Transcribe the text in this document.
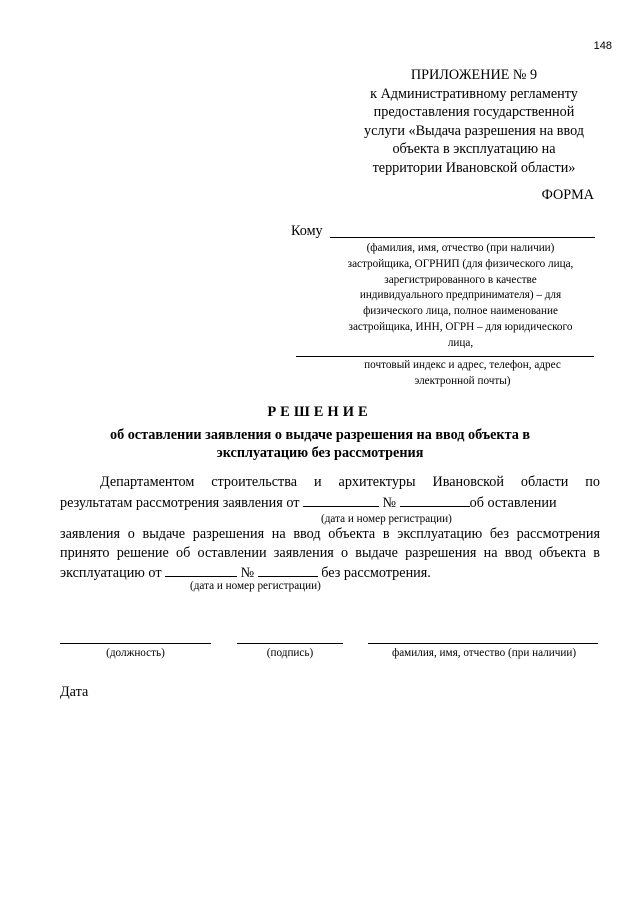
148
ПРИЛОЖЕНИЕ № 9
к Административному регламенту
предоставления государственной
услуги «Выдача разрешения на ввод
объекта в эксплуатацию на
территории Ивановской области»
ФОРМА
Кому
(фамилия, имя, отчество (при наличии)
застройщика, ОГРНИП (для физического лица,
зарегистрированного в качестве
индивидуального предпринимателя) – для
физического лица, полное наименование
застройщика, ИНН, ОГРН – для юридического
лица,
почтовый индекс и адрес, телефон, адрес
электронной почты)
РЕШЕНИЕ
об оставлении заявления о выдаче разрешения на ввод объекта в
эксплуатацию без рассмотрения
Департаментом строительства и архитектуры Ивановской области по
результатам рассмотрения заявления от	№	об оставлении
(дата и номер регистрации)
заявления о выдаче разрешения на ввод объекта в эксплуатацию без рассмотрения
принято решение об оставлении заявления о выдаче разрешения на ввод объекта в
эксплуатацию от	№	без рассмотрения.
(дата и номер регистрации)
(должность)	(подпись)	фамилия, имя, отчество (при наличии)
Дата
